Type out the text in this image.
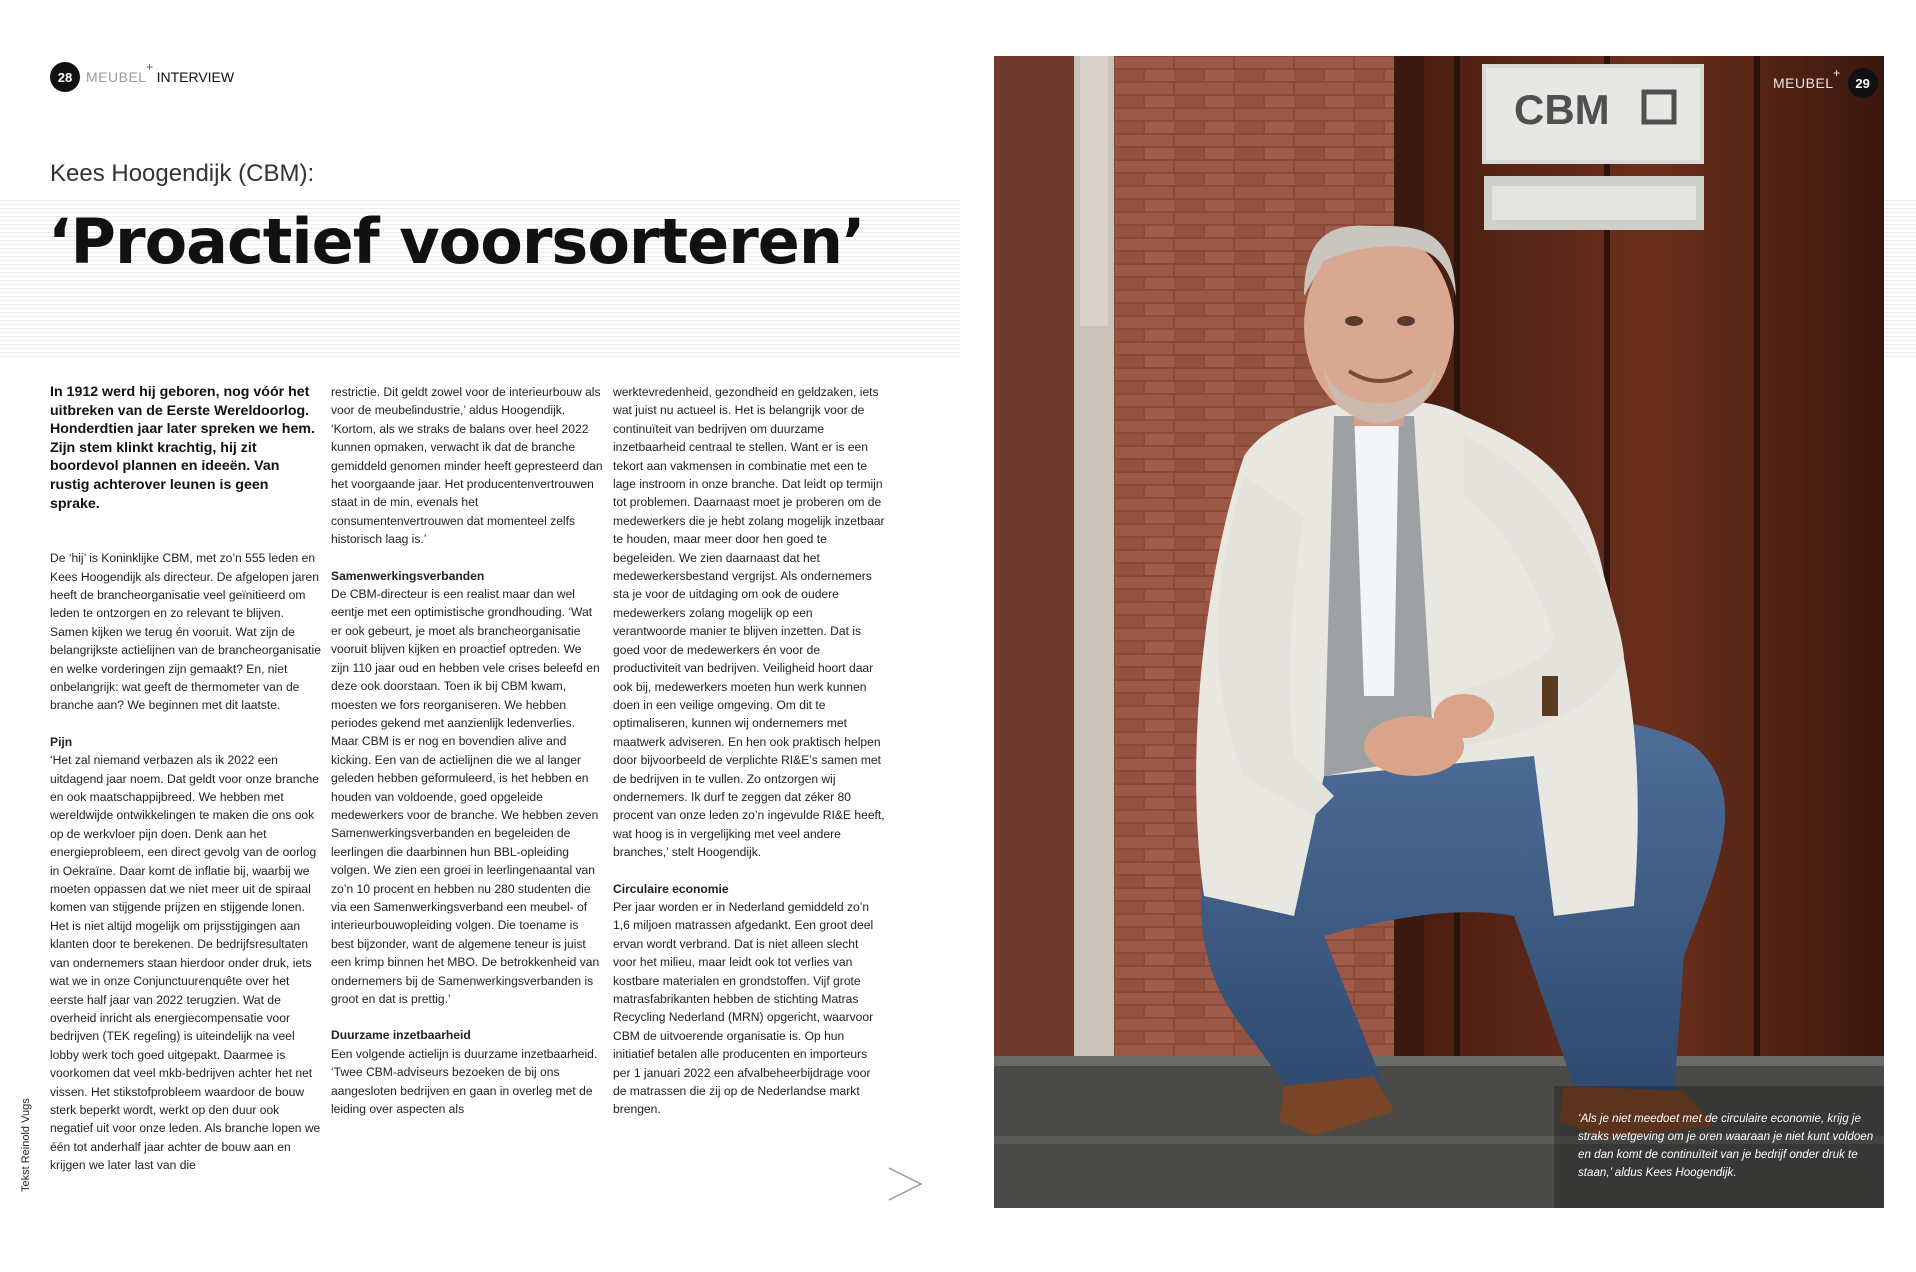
28 MEUBEL
+
INTERVIEW
Kees Hoogendijk (CBM):
‘Proactief voorsorteren’

In 1912 werd hij geboren, nog vóór het uitbreken van de Eerste Wereldoorlog. Honderdtien jaar later spreken we hem. Zijn stem klinkt krachtig, hij zit boordevol plannen en ideeën. Van rustig achterover leunen is geen sprake.

De ‘hij’ is Koninklijke CBM, met zo’n 555 leden en Kees Hoogendijk als directeur. De afgelopen jaren heeft de brancheorganisatie veel geïnitieerd om leden te ontzorgen en zo relevant te blijven. Samen kijken we terug én vooruit. Wat zijn de belangrijkste actielijnen van de brancheorganisatie en welke vorderingen zijn gemaakt? En, niet onbelangrijk: wat geeft de thermometer van de branche aan? We beginnen met dit laatste.

Pijn

‘Het zal niemand verbazen als ik 2022 een uitdagend jaar noem. Dat geldt voor onze branche en ook maatschappijbreed. We hebben met wereldwijde ontwikkelingen te maken die ons ook op de werkvloer pijn doen. Denk aan het energieprobleem, een direct gevolg van de oorlog in Oekraïne. Daar komt de inflatie bij, waarbij we moeten oppassen dat we niet meer uit de spiraal komen van stijgende prijzen en stijgende lonen. Het is niet altijd mogelijk om prijsstijgingen aan klanten door te berekenen. De bedrijfsresultaten van ondernemers staan hierdoor onder druk, iets wat we in onze Conjunctuurenquête over het eerste half jaar van 2022 terugzien. Wat de overheid inricht als energiecompensatie voor bedrijven (TEK regeling) is uiteindelijk na veel lobby werk toch goed uitgepakt. Daarmee is voorkomen dat veel mkb-bedrijven achter het net vissen. Het stikstofprobleem waardoor de bouw sterk beperkt wordt, werkt op den duur ook negatief uit voor onze leden. Als branche lopen we één tot anderhalf jaar achter de bouw aan en krijgen we later last van die

restrictie. Dit geldt zowel voor de interieurbouw als voor de meubelindustrie,’ aldus Hoogendijk. ‘Kortom, als we straks de balans over heel 2022 kunnen opmaken, verwacht ik dat de branche gemiddeld genomen minder heeft gepresteerd dan het voorgaande jaar. Het producentenvertrouwen staat in de min, evenals het consumentenvertrouwen dat momenteel zelfs historisch laag is.’

Samenwerkingsverbanden

De CBM-directeur is een realist maar dan wel eentje met een optimistische grondhouding. ‘Wat er ook gebeurt, je moet als brancheorganisatie vooruit blijven kijken en proactief optreden. We zijn 110 jaar oud en hebben vele crises beleefd en deze ook doorstaan. Toen ik bij CBM kwam, moesten we fors reorganiseren. We hebben periodes gekend met aanzienlijk ledenverlies. Maar CBM is er nog en bovendien alive and kicking. Een van de actielijnen die we al langer geleden hebben geformuleerd, is het hebben en houden van voldoende, goed opgeleide medewerkers voor de branche. We hebben zeven Samenwerkingsverbanden en begeleiden de leerlingen die daarbinnen hun BBL-opleiding volgen. We zien een groei in leerlingenaantal van zo’n 10 procent en hebben nu 280 studenten die via een Samenwerkingsverband een meubel- of interieurbouwopleiding volgen. Die toename is best bijzonder, want de algemene teneur is juist een krimp binnen het MBO. De betrokkenheid van ondernemers bij de Samenwerkingsverbanden is groot en dat is prettig.’

Duurzame inzetbaarheid

Een volgende actielijn is duurzame inzetbaarheid. ‘Twee CBM-adviseurs bezoeken de bij ons aangesloten bedrijven en gaan in overleg met de leiding over aspecten als

werktevredenheid, gezondheid en geldzaken, iets wat juist nu actueel is. Het is belangrijk voor de continuïteit van bedrijven om duurzame inzetbaarheid centraal te stellen. Want er is een tekort aan vakmensen in combinatie met een te lage instroom in onze branche. Dat leidt op termijn tot problemen. Daarnaast moet je proberen om de medewerkers die je hebt zolang mogelijk inzetbaar te houden, maar meer door hen goed te begeleiden. We zien daarnaast dat het medewerkersbestand vergrijst. Als ondernemers sta je voor de uitdaging om ook de oudere medewerkers zolang mogelijk op een verantwoorde manier te blijven inzetten. Dat is goed voor de medewerkers én voor de productiviteit van bedrijven. Veiligheid hoort daar ook bij, medewerkers moeten hun werk kunnen doen in een veilige omgeving. Om dit te optimaliseren, kunnen wij ondernemers met maatwerk adviseren. En hen ook praktisch helpen door bijvoorbeeld de verplichte RI&E’s samen met de bedrijven in te vullen. Zo ontzorgen wij ondernemers. Ik durf te zeggen dat zéker 80 procent van onze leden zo’n ingevulde RI&E heeft, wat hoog is in vergelijking met veel andere branches,’ stelt Hoogendijk.

Circulaire economie

Per jaar worden er in Nederland gemiddeld zo’n 1,6 miljoen matrassen afgedankt. Een groot deel ervan wordt verbrand. Dat is niet alleen slecht voor het milieu, maar leidt ook tot verlies van kostbare materialen en grondstoffen. Vijf grote matrasfabrikanten hebben de stichting Matras Recycling Nederland (MRN) opgericht, waarvoor CBM de uitvoerende organisatie is. Op hun initiatief betalen alle producenten en importeurs per 1 januari 2022 een afvalbeheerbijdrage voor de matrassen die zij op de Nederlandse markt brengen.

Tekst Reinold Vugs
CBM
MEUBEL
+
29
‘Als je niet meedoet met de circulaire economie, krijg je straks wetgeving om je oren waaraan je niet kunt voldoen en dan komt de continuïteit van je bedrijf onder druk te staan,’ aldus Kees Hoogendijk.
